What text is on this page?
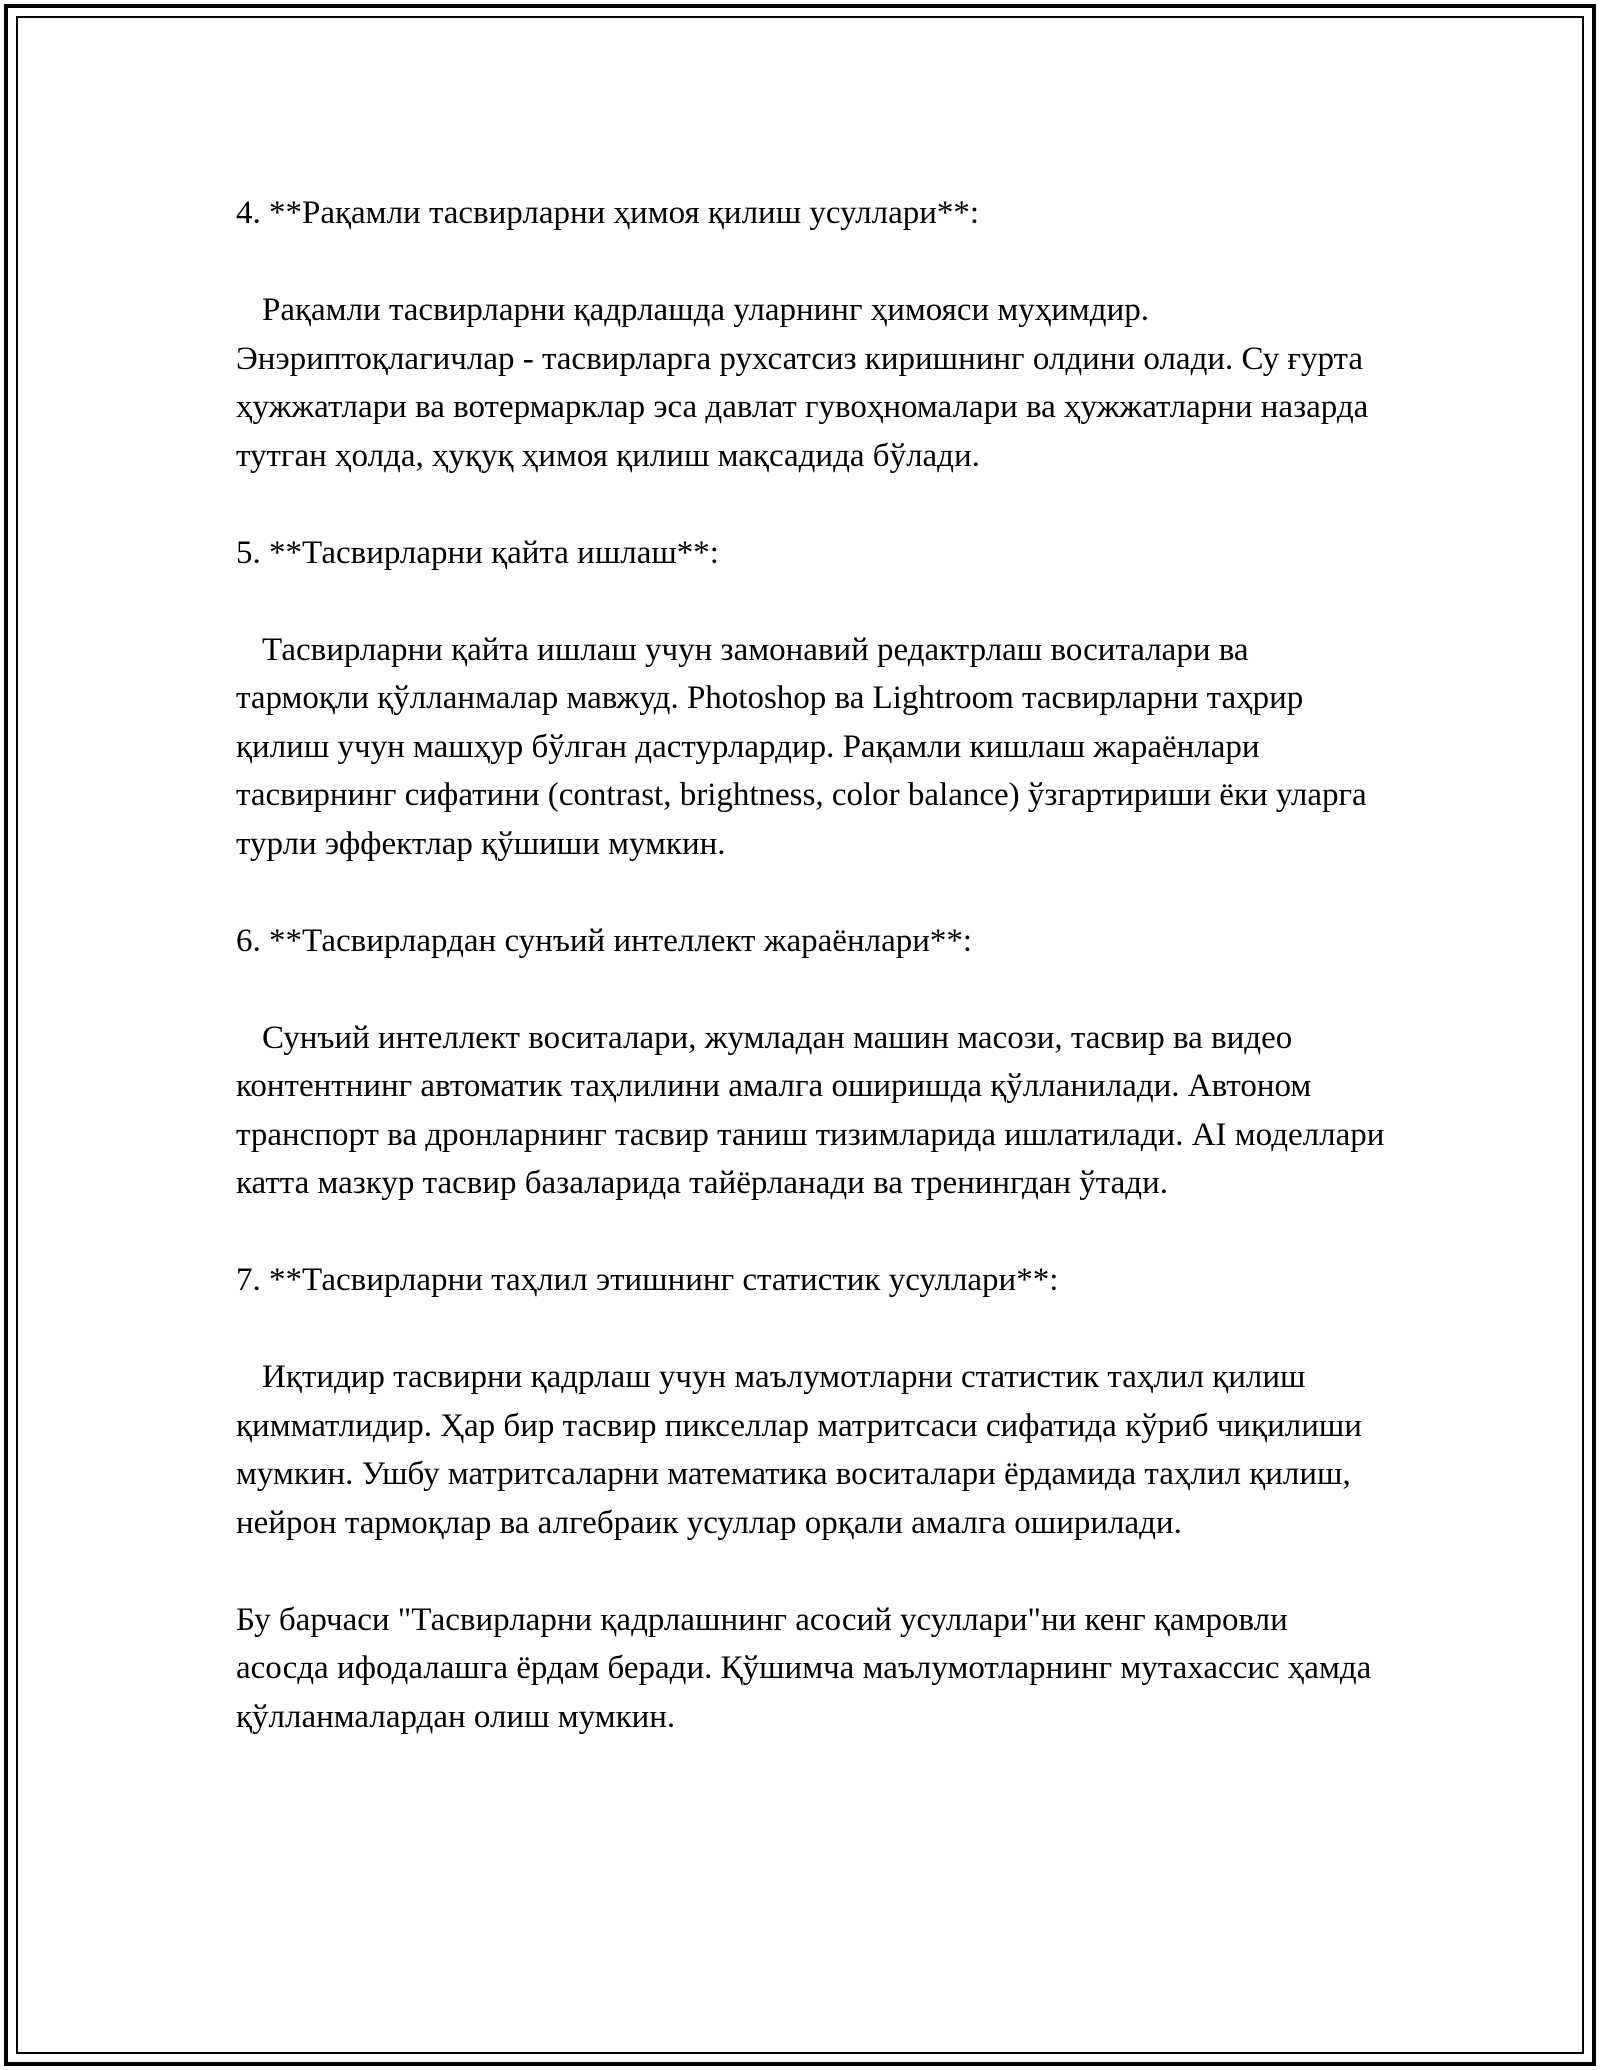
4. **Рақамли тасвирларни ҳимоя қилиш усуллари**:

Рақамли тасвирларни қадрлашда уларнинг ҳимояси муҳимдир. Энэриптоқлагичлар - тасвирларга рухсатсиз киришнинг олдини олади. Су ғурта ҳужжатлари ва вотермарклар эса давлат гувоҳномалари ва ҳужжатларни назарда тутган ҳолда, ҳуқуқ ҳимоя қилиш мақсадида бўлади.

5. **Тасвирларни қайта ишлаш**:

Тасвирларни қайта ишлаш учун замонавий редактрлаш воситалари ва тармоқли қўлланмалар мавжуд. Photoshop ва Lightroom тасвирларни таҳрир қилиш учун машҳур бўлган дастурлардир. Рақамли кишлаш жараёнлари тасвирнинг сифатини (contrast, brightness, color balance) ўзгартириши ёки уларга турли эффектлар қўшиши мумкин.

6. **Тасвирлардан сунъий интеллект жараёнлари**:

Сунъий интеллект воситалари, жумладан машин масози, тасвир ва видео контентнинг автоматик таҳлилини амалга оширишда қўлланилади. Автоном транспорт ва дронларнинг тасвир таниш тизимларида ишлатилади. AI моделлари катта мазкур тасвир базаларида тайёрланади ва тренингдан ўтади.

7. **Тасвирларни таҳлил этишнинг статистик усуллари**:

Иқтидир тасвирни қадрлаш учун маълумотларни статистик таҳлил қилиш қимматлидир. Ҳар бир тасвир пикселлар матритсаси сифатида кўриб чиқилиши мумкин. Ушбу матритсаларни математика воситалари ёрдамида таҳлил қилиш, нейрон тармоқлар ва алгебраик усуллар орқали амалга оширилади.

Бу барчаси "Тасвирларни қадрлашнинг асосий усуллари"ни кенг қамровли асосда ифодалашга ёрдам беради. Қўшимча маълумотларнинг мутахассис ҳамда қўлланмалардан олиш мумкин.
